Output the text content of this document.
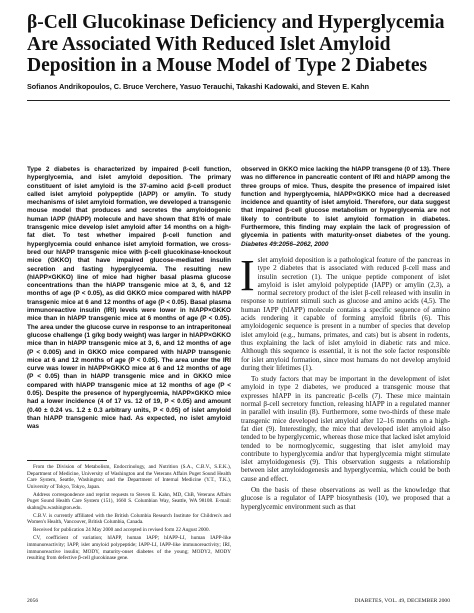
β-Cell Glucokinase Deficiency and Hyperglycemia
Are Associated With Reduced Islet Amyloid
Deposition in a Mouse Model of Type 2 Diabetes
Sofianos Andrikopoulos, C. Bruce Verchere, Yasuo Terauchi, Takashi Kadowaki, and Steven E. Kahn

Type 2 diabetes is characterized by impaired β-cell function, hyperglycemia, and islet amyloid deposition. The primary constituent of islet amyloid is the 37-amino acid β-cell product called islet amyloid polypeptide (IAPP) or amylin. To study mechanisms of islet amyloid formation, we developed a transgenic mouse model that produces and secretes the amyloidogenic human IAPP (hIAPP) molecule and have shown that 81% of male transgenic mice develop islet amyloid after 14 months on a high-fat diet. To test whether impaired β-cell function and hyperglycemia could enhance islet amyloid formation, we cross-bred our hIAPP transgenic mice with β-cell glucokinase-knockout mice (GKKO) that have impaired glucose-mediated insulin secretion and fasting hyperglycemia. The resulting new (hIAPP×GKKO) line of mice had higher basal plasma glucose concentrations than the hIAPP transgenic mice at 3, 6, and 12 months of age (P < 0.05), as did GKKO mice compared with hIAPP transgenic mice at 6 and 12 months of age (P < 0.05). Basal plasma immunoreactive insulin (IRI) levels were lower in hIAPP×GKKO mice than in hIAPP transgenic mice at 6 months of age (P < 0.05). The area under the glucose curve in response to an intraperitoneal glucose challenge (1 g/kg body weight) was larger in hIAPP×GKKO mice than in hIAPP transgenic mice at 3, 6, and 12 months of age (P < 0.005) and in GKKO mice compared with hIAPP transgenic mice at 6 and 12 months of age (P < 0.05). The area under the IRI curve was lower in hIAPP×GKKO mice at 6 and 12 months of age (P < 0.05) than in hIAPP transgenic mice and in GKKO mice compared with hIAPP transgenic mice at 12 months of age (P < 0.05). Despite the presence of hyperglycemia, hIAPP×GKKO mice had a lower incidence (4 of 17 vs. 12 of 19, P < 0.05) and amount (0.40 ± 0.24 vs. 1.2 ± 0.3 arbitrary units, P < 0.05) of islet amyloid than hIAPP transgenic mice had. As expected, no islet amyloid was

observed in GKKO mice lacking the hIAPP transgene (0 of 13). There was no difference in pancreatic content of IRI and hIAPP among the three groups of mice. Thus, despite the presence of impaired islet function and hyperglycemia, hIAPP×GKKO mice had a decreased incidence and quantity of islet amyloid. Therefore, our data suggest that impaired β-cell glucose metabolism or hyperglycemia are not likely to contribute to islet amyloid formation in diabetes. Furthermore, this finding may explain the lack of progression of glycemia in patients with maturity-onset diabetes of the young. Diabetes 49:2056–2062, 2000

Islet amyloid deposition is a pathological feature of the pancreas in type 2 diabetes that is associated with reduced β-cell mass and insulin secretion (1). The unique peptide component of islet amyloid is islet amyloid polypeptide (IAPP) or amylin (2,3), a normal secretory product of the islet β-cell released with insulin in response to nutrient stimuli such as glucose and amino acids (4,5). The human IAPP (hIAPP) molecule contains a specific sequence of amino acids rendering it capable of forming amyloid fibrils (6). This amyloidogenic sequence is present in a number of species that develop islet amyloid (e.g., humans, primates, and cats) but is absent in rodents, thus explaining the lack of islet amyloid in diabetic rats and mice. Although this sequence is essential, it is not the sole factor responsible for islet amyloid formation, since most humans do not develop amyloid during their lifetimes (1).

To study factors that may be important in the development of islet amyloid in type 2 diabetes, we produced a transgenic mouse that expresses hIAPP in its pancreatic β-cells (7). These mice maintain normal β-cell secretory function, releasing hIAPP in a regulated manner in parallel with insulin (8). Furthermore, some two-thirds of these male transgenic mice developed islet amyloid after 12–16 months on a high-fat diet (9). Interestingly, the mice that developed islet amyloid also tended to be hyperglycemic, whereas those mice that lacked islet amyloid tended to be normoglycemic, suggesting that islet amyloid may contribute to hyperglycemia and/or that hyperglycemia might stimulate islet amyloidogenesis (9). This observation suggests a relationship between islet amyloidogenesis and hyperglycemia, which could be both cause and effect.

On the basis of these observations as well as the knowledge that glucose is a regulator of IAPP biosynthesis (10), we proposed that a hyperglycemic environment such as that

From the Division of Metabolism, Endocrinology, and Nutrition (S.A., C.B.V., S.E.K.), Department of Medicine, University of Washington and the Veterans Affairs Puget Sound Health Care System, Seattle, Washington; and the Department of Internal Medicine (Y.T., T.K.), University of Tokyo, Tokyo, Japan.

Address correspondence and reprint requests to Steven E. Kahn, MD, ChB, Veterans Affairs Puget Sound Health Care System (151), 1660 S. Columbian Way, Seattle, WA 98108. E-mail: skahn@u.washington.edu.

C.B.V. is currently affiliated with the British Columbia Research Institute for Children's and Women's Health, Vancouver, British Columbia, Canada.

Received for publication 24 May 2000 and accepted in revised form 22 August 2000.

CV, coefficient of variation; hIAPP, human IAPP; hIAPP-LI, human IAPP-like immunoreactivity; IAPP, islet amyloid polypeptide; IAPP-LI, IAPP-like immunoreactivity; IRI, immunoreactive insulin; MODY, maturity-onset diabetes of the young; MODY2, MODY resulting from defective β-cell glucokinase gene.

2056	DIABETES, VOL. 49, DECEMBER 2000
